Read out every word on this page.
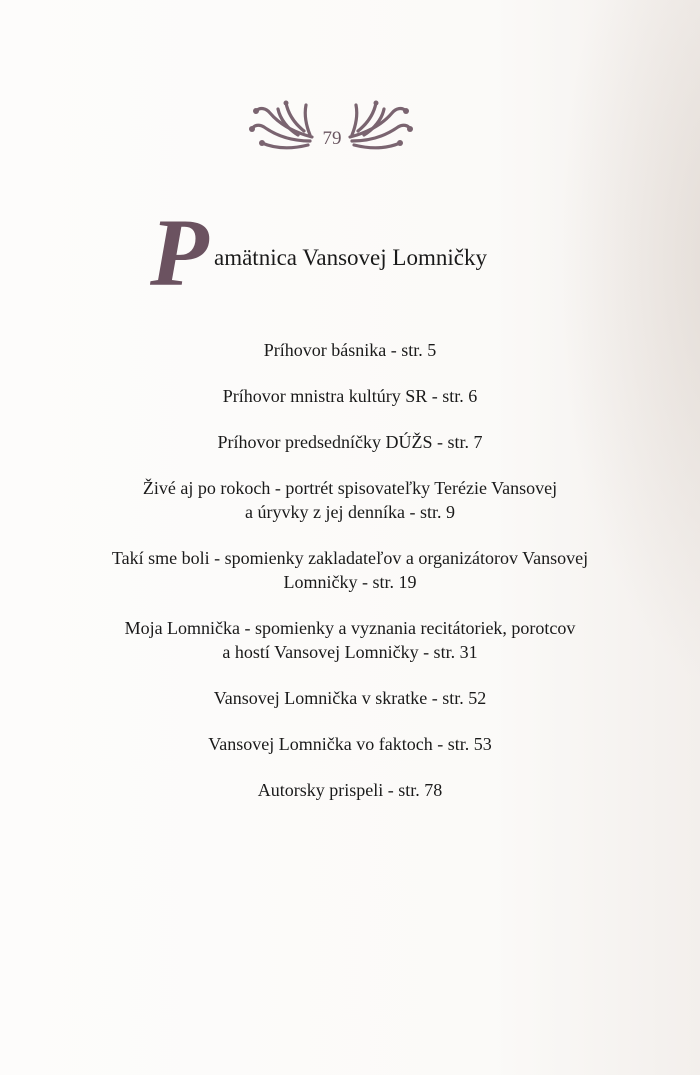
79
P amätnica Vansovej Lomničky
Príhovor básnika - str. 5
Príhovor mnistra kultúry SR - str. 6
Príhovor predsedníčky DÚŽS - str. 7
Živé aj po rokoch - portrét spisovateľky Terézie Vansovej
a úryvky z jej denníka - str. 9
Takí sme boli - spomienky zakladateľov a organizátorov Vansovej
Lomničky - str. 19
Moja Lomnička - spomienky a vyznania recitátoriek, porotcov
a hostí Vansovej Lomničky - str. 31
Vansovej Lomnička v skratke - str. 52
Vansovej Lomnička vo faktoch - str. 53
Autorsky prispeli - str. 78
